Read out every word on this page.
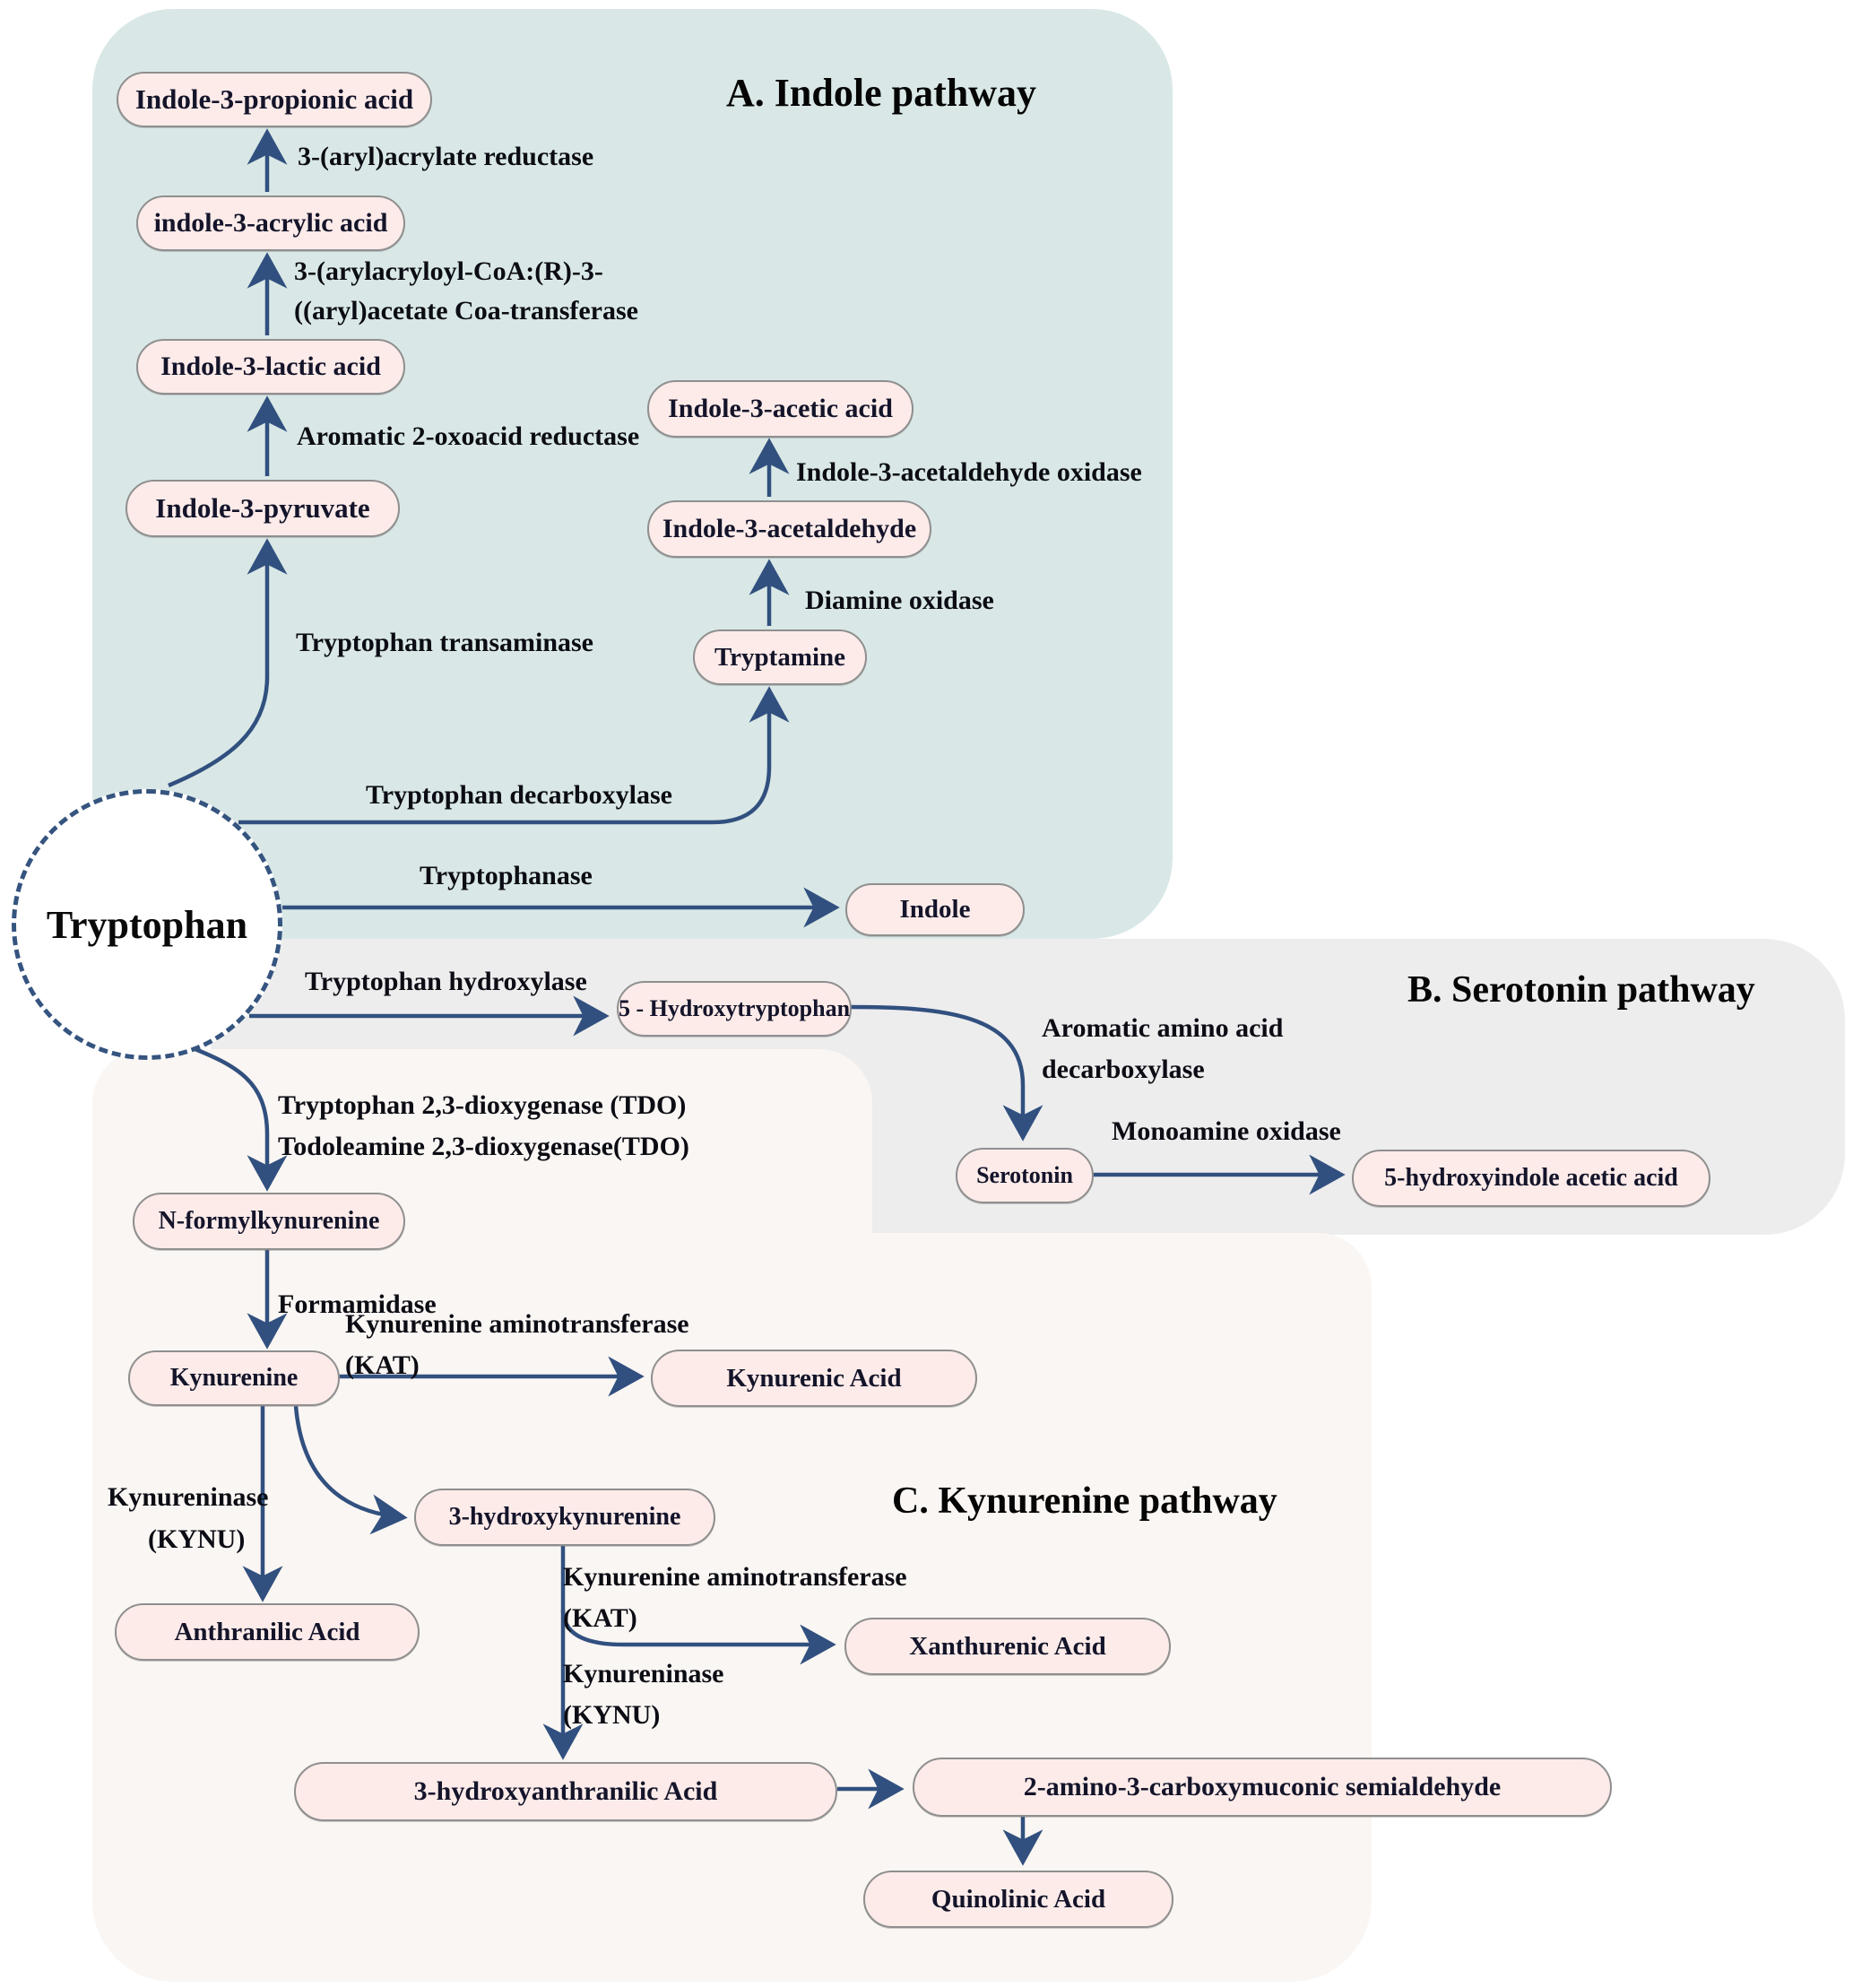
A. Indole pathway
B. Serotonin pathway
C. Kynurenine pathway
Tryptophan
Indole-3-propionic acid
indole-3-acrylic acid
Indole-3-lactic acid
Indole-3-pyruvate
Indole-3-acetic acid
Indole-3-acetaldehyde
Tryptamine
Indole
5 - Hydroxytryptophan
Serotonin	5-hydroxyindole acetic acid
N-formylkynurenine
Kynurenine	Kynurenic Acid
3-hydroxykynurenine
Anthranilic Acid	Xanthurenic Acid
3-hydroxyanthranilic Acid	2-amino-3-carboxymuconic semialdehyde
Quinolinic Acid
3-(aryl)acrylate reductase
3-(arylacryloyl-CoA:(R)-3-
((aryl)acetate Coa-transferase
Aromatic 2-oxoacid reductase
Tryptophan transaminase
Indole-3-acetaldehyde oxidase
Diamine oxidase
Tryptophan decarboxylase
Tryptophanase
Tryptophan hydroxylase
Aromatic amino acid
decarboxylase
Monoamine oxidase
Tryptophan 2,3-dioxygenase (TDO)
Todoleamine 2,3-dioxygenase(TDO)
Formamidase
Kynurenine aminotransferase
(KAT)
Kynureninase
(KYNU)
Kynurenine aminotransferase
(KAT)
Kynureninase
(KYNU)
